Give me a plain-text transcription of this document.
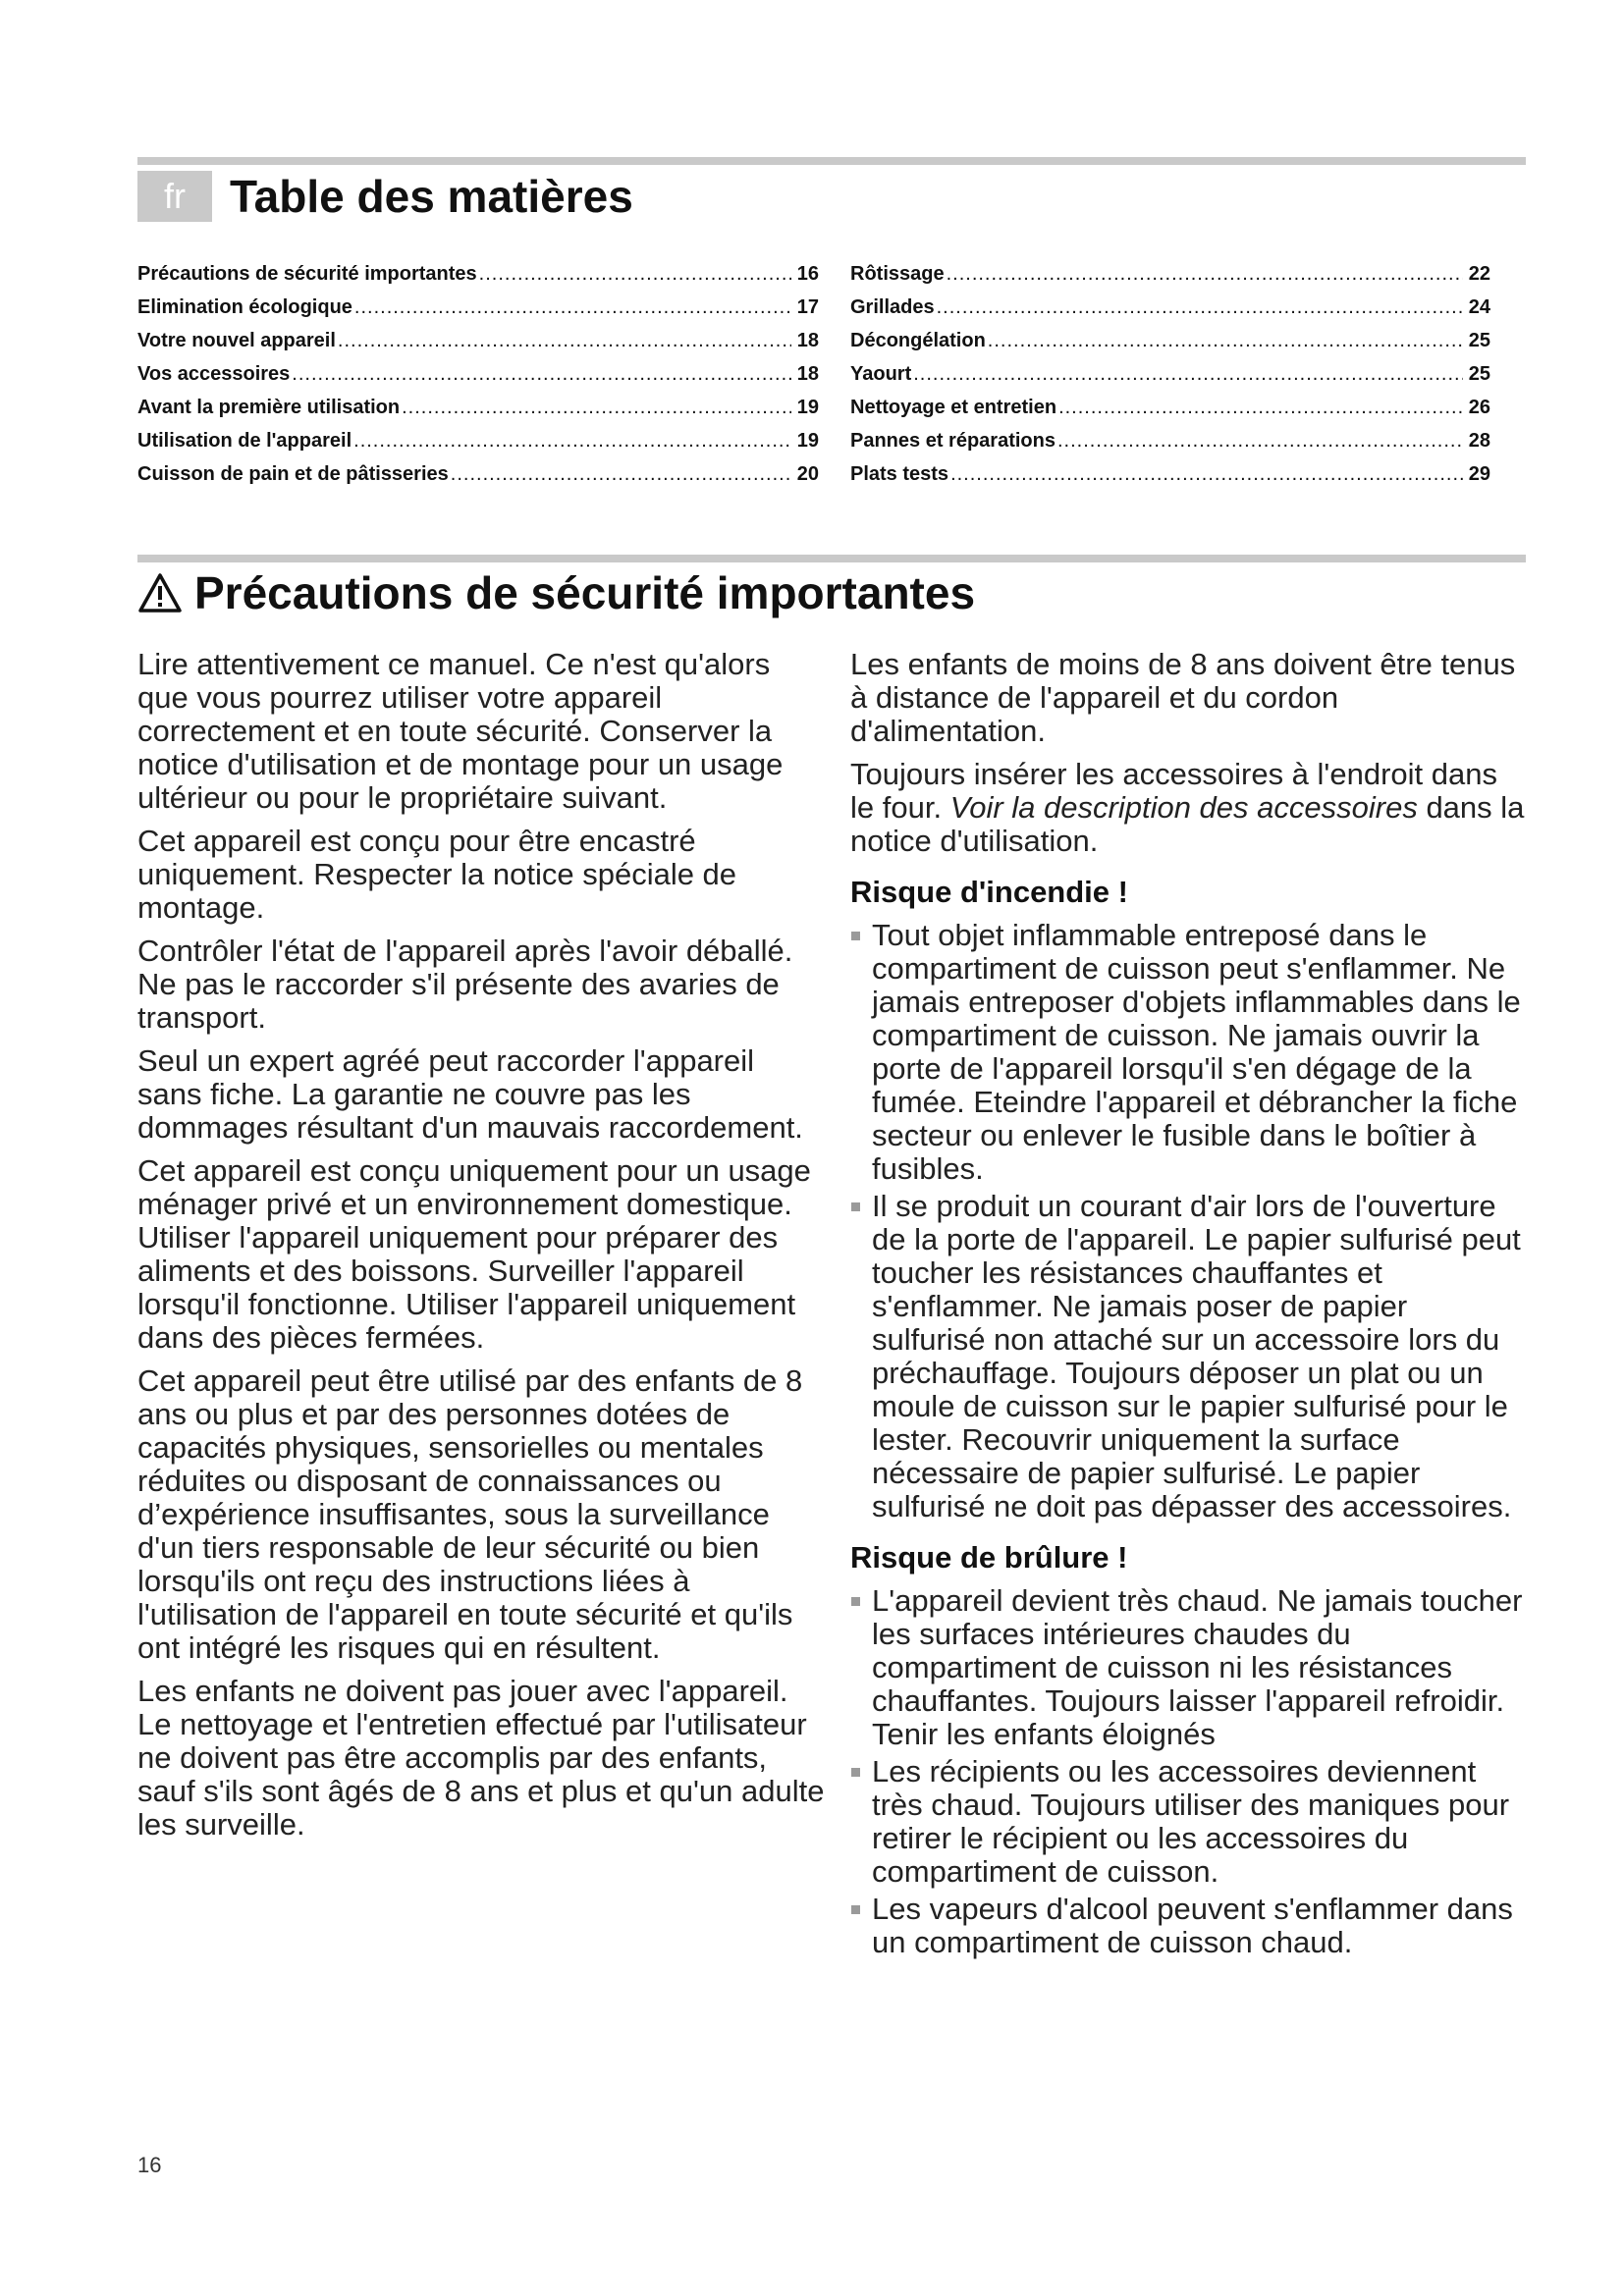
fr Table des matières
Précautions de sécurité importantes .....	16
Elimination écologique .....	17
Votre nouvel appareil .....	18
Vos accessoires .....	18
Avant la première utilisation .....	19
Utilisation de l'appareil .....	19
Cuisson de pain et de pâtisseries .....	20
Rôtissage .....	22
Grillades .....	24
Décongélation .....	25
Yaourt .....	25
Nettoyage et entretien .....	26
Pannes et réparations .....	28
Plats tests .....	29
Précautions de sécurité importantes

Lire attentivement ce manuel. Ce n'est qu'alors que vous pourrez utiliser votre appareil correctement et en toute sécurité. Conserver la notice d'utilisation et de montage pour un usage ultérieur ou pour le propriétaire suivant.

Cet appareil est conçu pour être encastré uniquement. Respecter la notice spéciale de montage.

Contrôler l'état de l'appareil après l'avoir déballé. Ne pas le raccorder s'il présente des avaries de transport.

Seul un expert agréé peut raccorder l'appareil sans fiche. La garantie ne couvre pas les dommages résultant d'un mauvais raccordement.

Cet appareil est conçu uniquement pour un usage ménager privé et un environnement domestique. Utiliser l'appareil uniquement pour préparer des aliments et des boissons. Surveiller l'appareil lorsqu'il fonctionne. Utiliser l'appareil uniquement dans des pièces fermées.

Cet appareil peut être utilisé par des enfants de 8 ans ou plus et par des personnes dotées de capacités physiques, sensorielles ou mentales réduites ou disposant de connaissances ou d’expérience insuffisantes, sous la surveillance d'un tiers responsable de leur sécurité ou bien lorsqu'ils ont reçu des instructions liées à l'utilisation de l'appareil en toute sécurité et qu'ils ont intégré les risques qui en résultent.

Les enfants ne doivent pas jouer avec l'appareil. Le nettoyage et l'entretien effectué par l'utilisateur ne doivent pas être accomplis par des enfants, sauf s'ils sont âgés de 8 ans et plus et qu'un adulte les surveille.

Les enfants de moins de 8 ans doivent être tenus à distance de l'appareil et du cordon d'alimentation.

Toujours insérer les accessoires à l'endroit dans le four. Voir la description des accessoires dans la notice d'utilisation.

Risque d'incendie !
Tout objet inflammable entreposé dans le compartiment de cuisson peut s'enflammer. Ne jamais entreposer d'objets inflammables dans le compartiment de cuisson. Ne jamais ouvrir la porte de l'appareil lorsqu'il s'en dégage de la fumée. Eteindre l'appareil et débrancher la fiche secteur ou enlever le fusible dans le boîtier à fusibles.
Il se produit un courant d'air lors de l'ouverture de la porte de l'appareil. Le papier sulfurisé peut toucher les résistances chauffantes et s'enflammer. Ne jamais poser de papier sulfurisé non attaché sur un accessoire lors du préchauffage. Toujours déposer un plat ou un moule de cuisson sur le papier sulfurisé pour le lester. Recouvrir uniquement la surface nécessaire de papier sulfurisé. Le papier sulfurisé ne doit pas dépasser des accessoires.
Risque de brûlure !
L'appareil devient très chaud. Ne jamais toucher les surfaces intérieures chaudes du compartiment de cuisson ni les résistances chauffantes. Toujours laisser l'appareil refroidir. Tenir les enfants éloignés
Les récipients ou les accessoires deviennent très chaud. Toujours utiliser des maniques pour retirer le récipient ou les accessoires du compartiment de cuisson.
Les vapeurs d'alcool peuvent s'enflammer dans un compartiment de cuisson chaud.
16
